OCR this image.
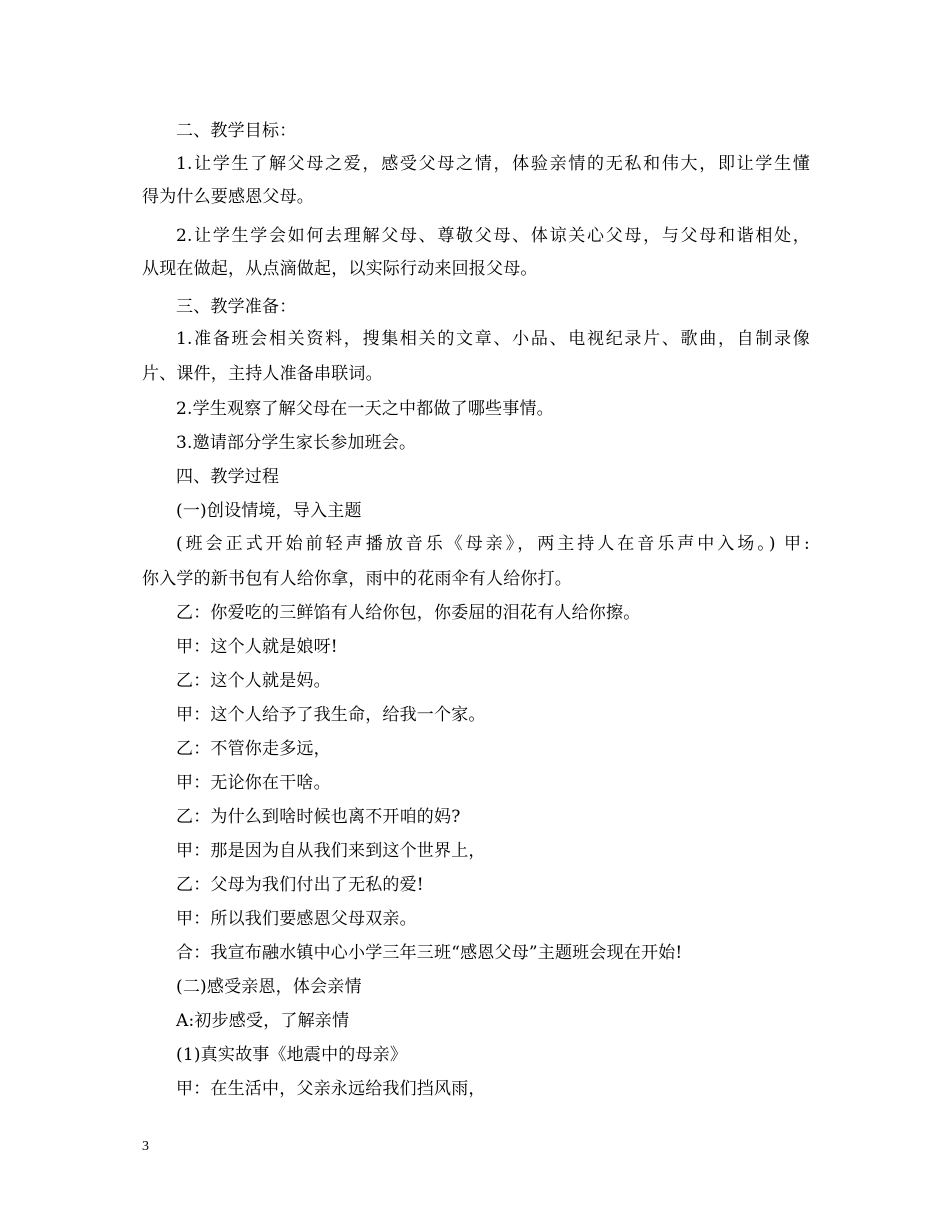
二、教学目标：
1.让学生了解父母之爱，感受父母之情，体验亲情的无私和伟大，即让学生懂
得为什么要感恩父母。
2.让学生学会如何去理解父母、尊敬父母、体谅关心父母，与父母和谐相处，
从现在做起，从点滴做起，以实际行动来回报父母。
三、教学准备：
1.准备班会相关资料，搜集相关的文章、小品、电视纪录片、歌曲，自制录像
片、课件，主持人准备串联词。
2.学生观察了解父母在一天之中都做了哪些事情。
3.邀请部分学生家长参加班会。
四、教学过程
(一)创设情境，导入主题
(班会正式开始前轻声播放音乐《母亲》，两主持人在音乐声中入场。) 甲:
你入学的新书包有人给你拿，雨中的花雨伞有人给你打。
乙：你爱吃的三鲜馅有人给你包，你委屈的泪花有人给你擦。
甲：这个人就是娘呀!
乙：这个人就是妈。
甲：这个人给予了我生命，给我一个家。
乙：不管你走多远，
甲：无论你在干啥。
乙：为什么到啥时候也离不开咱的妈?
甲：那是因为自从我们来到这个世界上，
乙：父母为我们付出了无私的爱!
甲：所以我们要感恩父母双亲。
合：我宣布融水镇中心小学三年三班“感恩父母”主题班会现在开始!
(二)感受亲恩，体会亲情
A:初步感受，了解亲情
(1)真实故事《地震中的母亲》
甲：在生活中，父亲永远给我们挡风雨，
3
